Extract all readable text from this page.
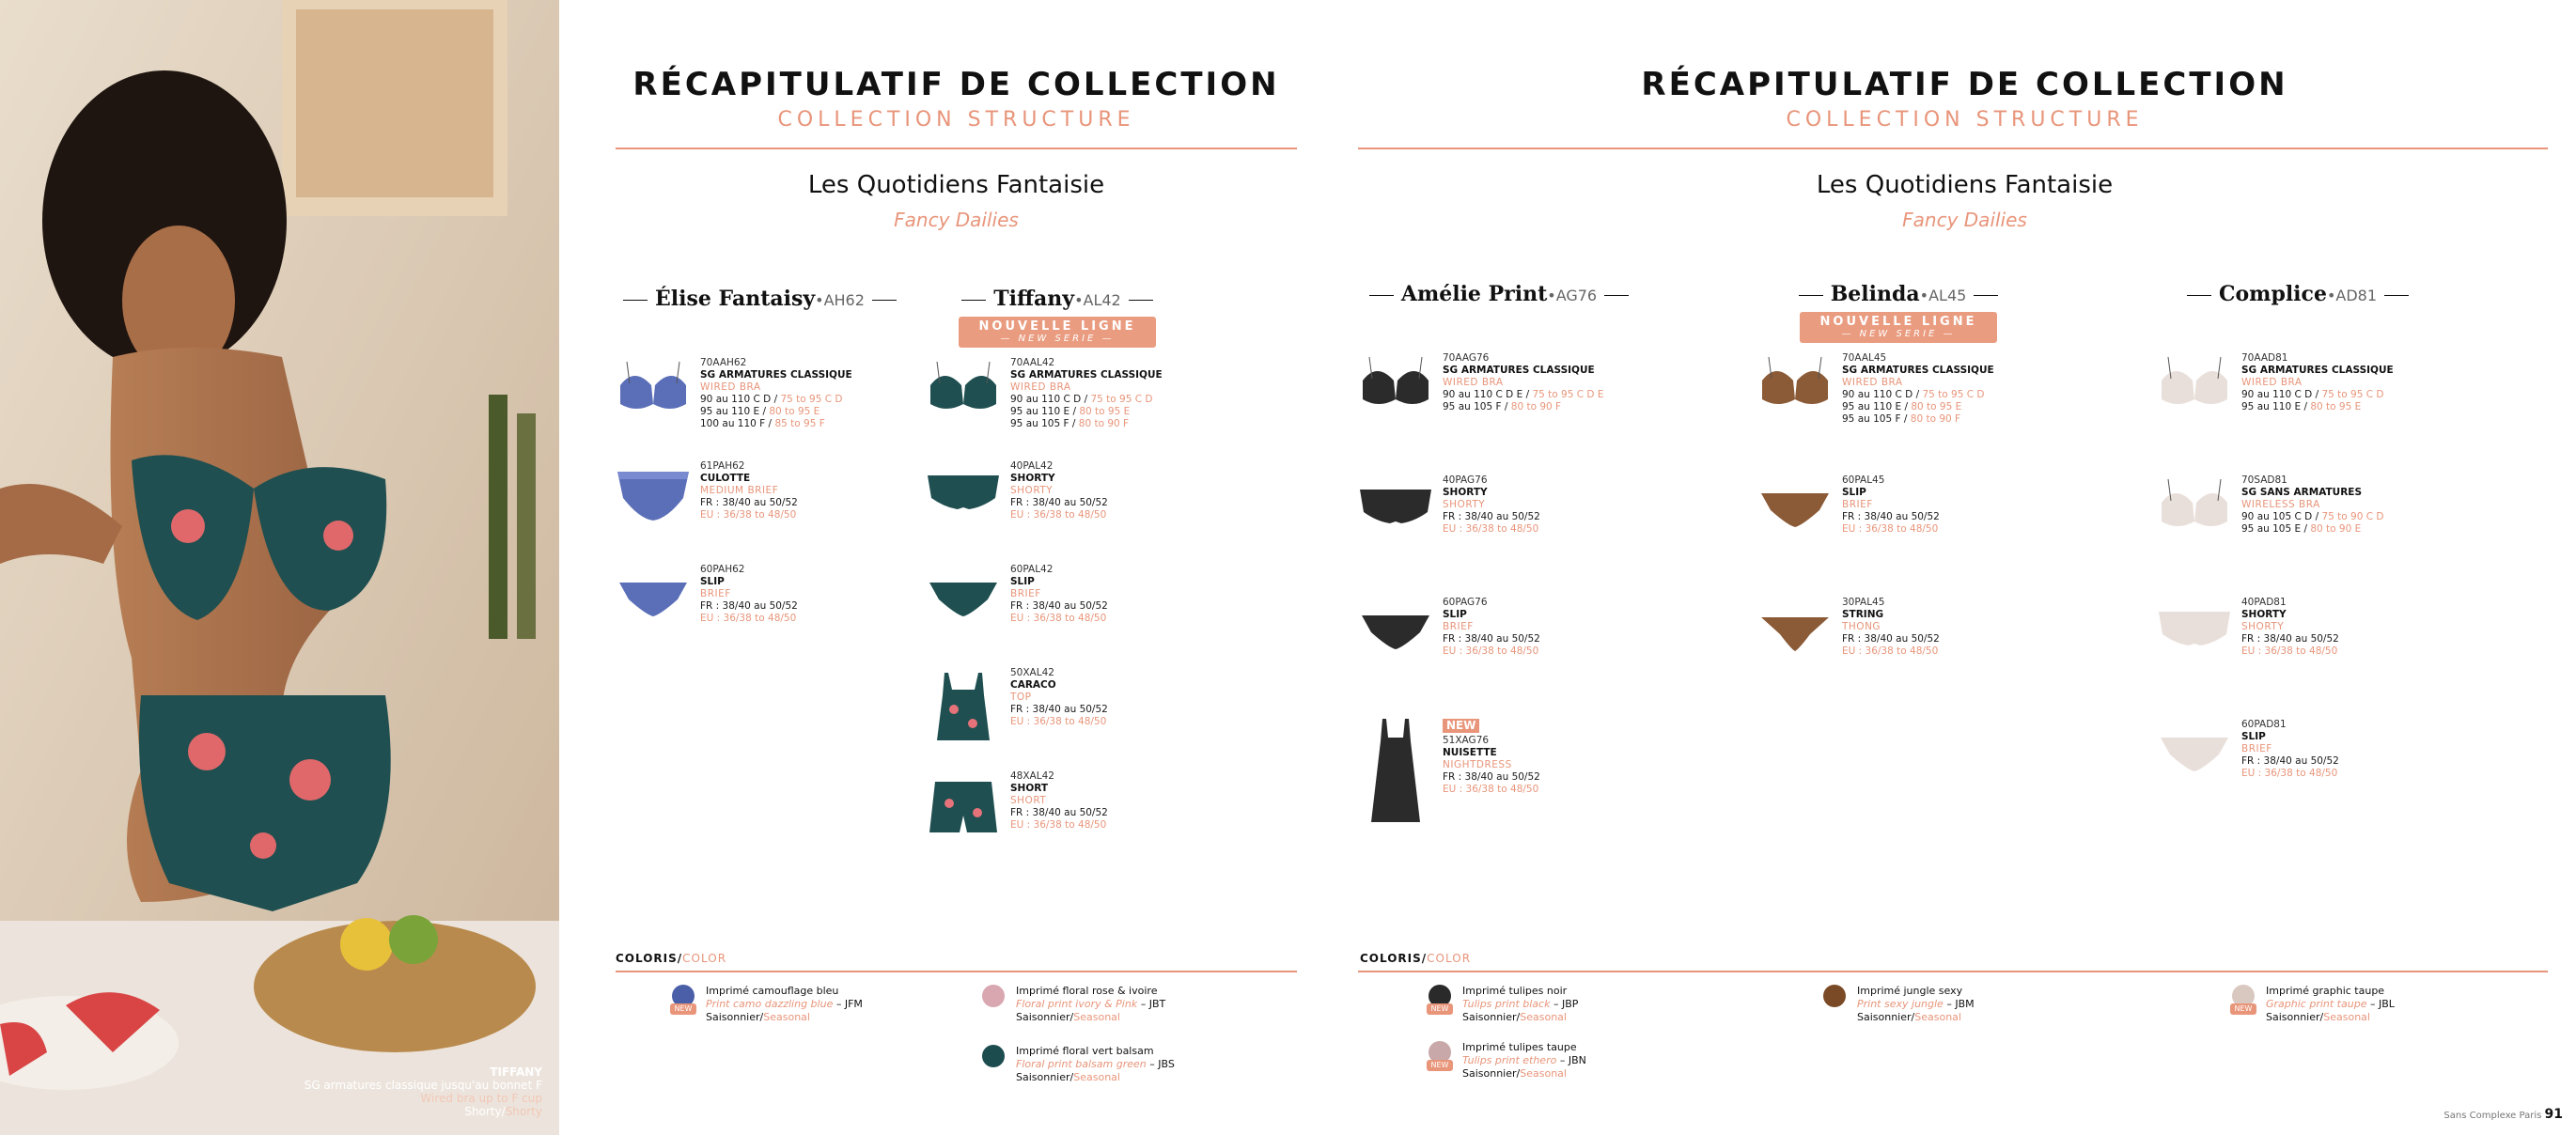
TIFFANY
SG armatures classique jusqu'au bonnet F
Wired bra up to F cup
Shorty/Shorty
RÉCAPITULATIF DE COLLECTION
COLLECTION STRUCTURE
Les Quotidiens Fantaisie
Fancy Dailies
Élise Fantaisy•AH62
70AAH62
SG ARMATURES CLASSIQUE
WIRED BRA
90 au 110 C D / 75 to 95 C D
95 au 110 E / 80 to 95 E
100 au 110 F / 85 to 95 F
61PAH62
CULOTTE
MEDIUM BRIEF
FR : 38/40 au 50/52
EU : 36/38 to 48/50
60PAH62
SLIP
BRIEF
FR : 38/40 au 50/52
EU : 36/38 to 48/50
Tiffany•AL42
NOUVELLE LIGNE
— NEW SERIE —
70AAL42
SG ARMATURES CLASSIQUE
WIRED BRA
90 au 110 C D / 75 to 95 C D
95 au 110 E / 80 to 95 E
95 au 105 F / 80 to 90 F
40PAL42
SHORTY
SHORTY
FR : 38/40 au 50/52
EU : 36/38 to 48/50
60PAL42
SLIP
BRIEF
FR : 38/40 au 50/52
EU : 36/38 to 48/50
50XAL42
CARACO
TOP
FR : 38/40 au 50/52
EU : 36/38 to 48/50
48XAL42
SHORT
SHORT
FR : 38/40 au 50/52
EU : 36/38 to 48/50
COLORIS/COLOR
NEW
Imprimé camouflage bleu
Print camo dazzling blue – JFM
Saisonnier/Seasonal
Imprimé floral rose & ivoire
Floral print ivory & Pink – JBT
Saisonnier/Seasonal
Imprimé floral vert balsam
Floral print balsam green – JBS
Saisonnier/Seasonal
RÉCAPITULATIF DE COLLECTION
COLLECTION STRUCTURE
Les Quotidiens Fantaisie
Fancy Dailies
Amélie Print•AG76
70AAG76
SG ARMATURES CLASSIQUE
WIRED BRA
90 au 110 C D E / 75 to 95 C D E
95 au 105 F / 80 to 90 F
40PAG76
SHORTY
SHORTY
FR : 38/40 au 50/52
EU : 36/38 to 48/50
60PAG76
SLIP
BRIEF
FR : 38/40 au 50/52
EU : 36/38 to 48/50
NEW
51XAG76
NUISETTE
NIGHTDRESS
FR : 38/40 au 50/52
EU : 36/38 to 48/50
Belinda•AL45
NOUVELLE LIGNE
— NEW SERIE —
70AAL45
SG ARMATURES CLASSIQUE
WIRED BRA
90 au 110 C D / 75 to 95 C D
95 au 110 E / 80 to 95 E
95 au 105 F / 80 to 90 F
60PAL45
SLIP
BRIEF
FR : 38/40 au 50/52
EU : 36/38 to 48/50
30PAL45
STRING
THONG
FR : 38/40 au 50/52
EU : 36/38 to 48/50
Complice•AD81
70AAD81
SG ARMATURES CLASSIQUE
WIRED BRA
90 au 110 C D / 75 to 95 C D
95 au 110 E / 80 to 95 E
70SAD81
SG SANS ARMATURES
WIRELESS BRA
90 au 105 C D / 75 to 90 C D
95 au 105 E / 80 to 90 E
40PAD81
SHORTY
SHORTY
FR : 38/40 au 50/52
EU : 36/38 to 48/50
60PAD81
SLIP
BRIEF
FR : 38/40 au 50/52
EU : 36/38 to 48/50
COLORIS/COLOR
NEW
Imprimé tulipes noir
Tulips print black – JBP
Saisonnier/Seasonal
Imprimé jungle sexy
Print sexy jungle – JBM
Saisonnier/Seasonal
NEW
Imprimé graphic taupe
Graphic print taupe – JBL
Saisonnier/Seasonal
NEW
Imprimé tulipes taupe
Tulips print ethero – JBN
Saisonnier/Seasonal
Sans Complexe Paris 91
